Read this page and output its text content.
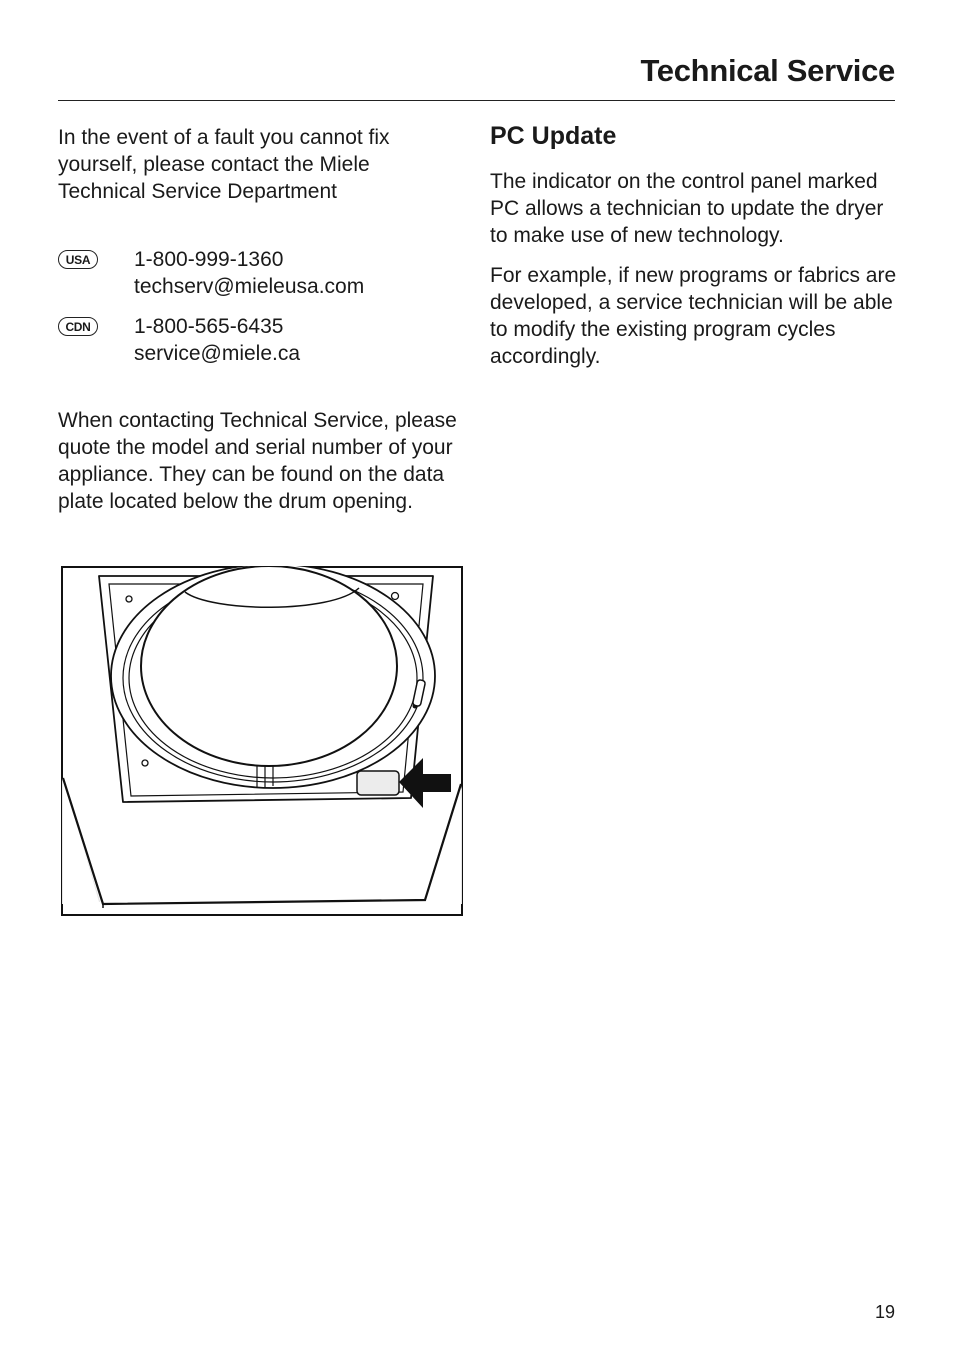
Technical Service

In the event of a fault you cannot fix yourself, please contact the Miele Technical Service Department

USA	1-800-999-1360
techserv@mieleusa.com
CDN	1-800-565-6435
service@miele.ca

When contacting Technical Service, please quote the model and serial number of your appliance. They can be found on the data plate located below the drum opening.

PC Update

The indicator on the control panel marked PC allows a technician to update the dryer to make use of new technology.

For example, if new programs or fabrics are developed, a service technician will be able to modify the existing program cycles accordingly.

19
